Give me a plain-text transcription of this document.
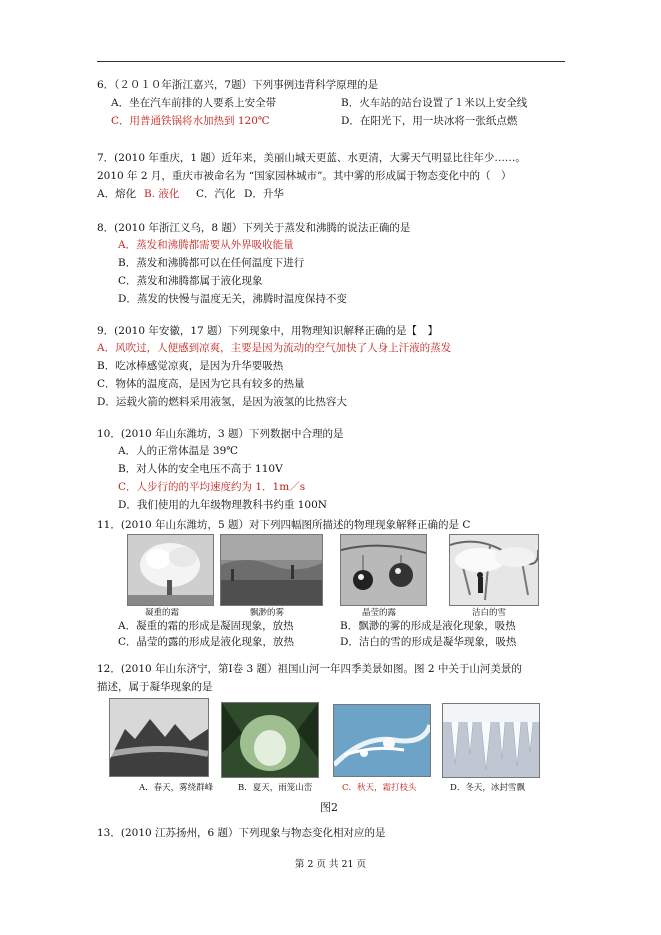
6．（２０１０年浙江嘉兴，7题）下列事例违背科学原理的是
A．坐在汽车前排的人要系上安全带	B．火车站的站台设置了１米以上安全线
C．用普通铁锅将水加热到 120℃	D．在阳光下，用一块冰将一张纸点燃
7．(2010 年重庆，1 题）近年来，美丽山城天更蓝、水更清，大雾天气明显比往年少……。
2010 年 2 月，重庆市被命名为 “国家园林城市”。其中雾的形成属于物态变化中的（　）
A．熔化 B. 液化 C．汽化 D．升华
8．(2010 年浙江义乌，8 题）下列关于蒸发和沸腾的说法正确的是
A．蒸发和沸腾都需要从外界吸收能量
B．蒸发和沸腾都可以在任何温度下进行
C．蒸发和沸腾都属于液化现象
D．蒸发的快慢与温度无关，沸腾时温度保持不变
9．(2010 年安徽，17 题）下列现象中，用物理知识解释正确的是【　】
A．风吹过，人便感到凉爽，主要是因为流动的空气加快了人身上汗液的蒸发
B．吃冰棒感觉凉爽，是因为升华要吸热
C．物体的温度高，是因为它具有较多的热量
D．运载火箭的燃料采用液氢，是因为液氢的比热容大
10．(2010 年山东潍坊，3 题）下列数据中合理的是
A．人的正常体温是 39℃
B．对人体的安全电压不高于 110V
C．人步行的的平均速度约为 1．1m／s
D．我们使用的九年级物理教科书约重 100N
11．(2010 年山东潍坊，5 题）对下列四幅图所描述的物理现象解释正确的是 C
凝重的霜	飘渺的雾	晶莹的露	洁白的雪
A．凝重的霜的形成是凝固现象，放热	B．飘渺的雾的形成是液化现象，吸热
C．晶莹的露的形成是液化现象，放热	D．洁白的雪的形成是凝华现象，吸热
12．(2010 年山东济宁，第Ⅰ卷 3 题）祖国山河一年四季美景如图。图 2 中关于山河美景的
描述，属于凝华现象的是
A．春天，雾绕群峰	B．夏天，雨笼山峦	C．秋天，霜打枝头	D．冬天，冰封雪飘
图2
13．(2010 江苏扬州，6 题）下列现象与物态变化相对应的是
第 2 页 共 21 页
